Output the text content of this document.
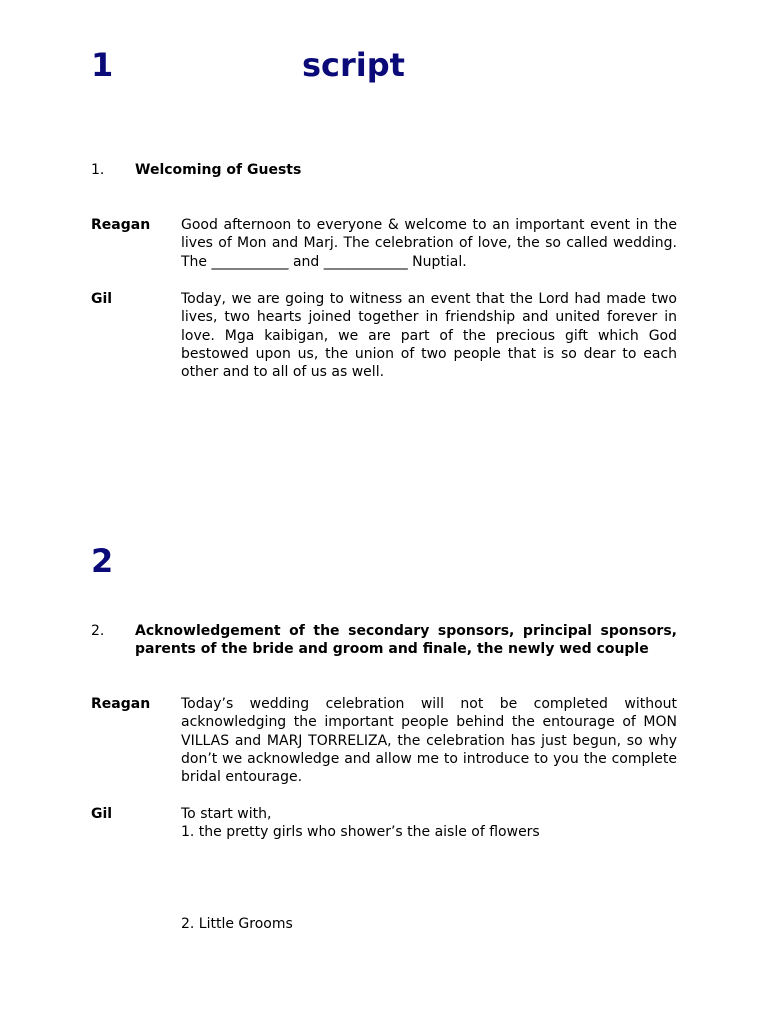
1	script
1. Welcoming of Guests
Reagan Good afternoon to everyone & welcome to an important event in the lives of Mon and Marj. The celebration of love, the so called wedding. The ___________ and ____________ Nuptial.
Gil	Today, we are going to witness an event that the Lord had made two lives, two hearts joined together in friendship and united forever in love. Mga kaibigan, we are part of the precious gift which God bestowed upon us, the union of two people that is so dear to each other and to all of us as well.
2
2. Acknowledgement of the secondary sponsors, principal sponsors, parents of the bride and groom and finale, the newly wed couple
Reagan Today’s wedding celebration will not be completed without acknowledging the important people behind the entourage of MON VILLAS and MARJ TORRELIZA, the celebration has just begun, so why don’t we acknowledge and allow me to introduce to you the complete bridal entourage.
Gil	To start with,
1. the pretty girls who shower’s the aisle of flowers
2. Little Grooms
